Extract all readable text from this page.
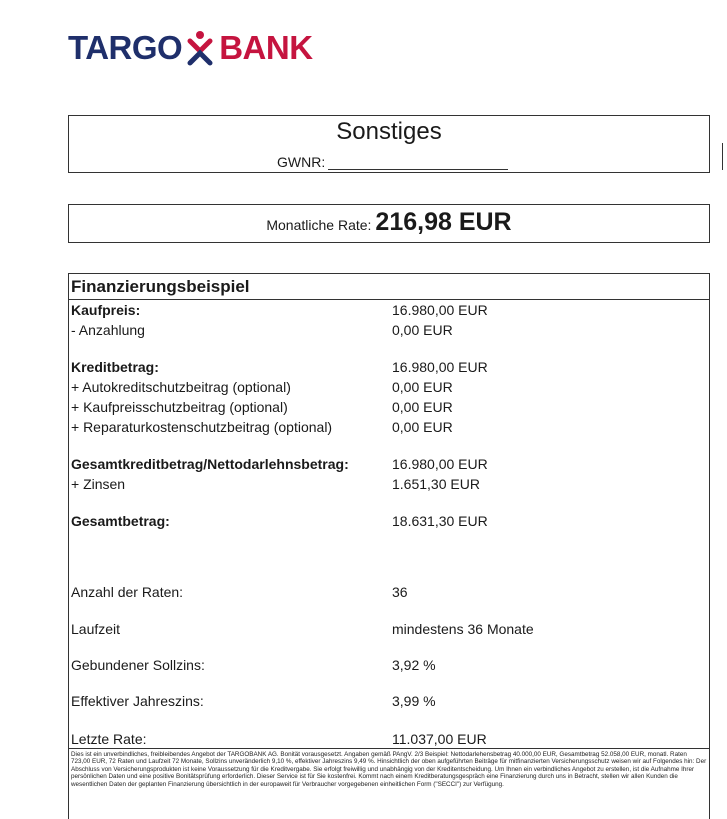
TARGO BANK
Sonstiges
GWNR:
Monatliche Rate: 216,98 EUR
Finanzierungsbeispiel
Kaufpreis:	16.980,00 EUR
- Anzahlung	0,00 EUR
Kreditbetrag:	16.980,00 EUR
+ Autokreditschutzbeitrag (optional)	0,00 EUR
+ Kaufpreisschutzbeitrag (optional)	0,00 EUR
+ Reparaturkostenschutzbeitrag (optional)	0,00 EUR
Gesamtkreditbetrag/Nettodarlehnsbetrag:	16.980,00 EUR
+ Zinsen	1.651,30 EUR
Gesamtbetrag:	18.631,30 EUR
Anzahl der Raten:	36
Laufzeit	mindestens 36 Monate
Gebundener Sollzins:	3,92 %
Effektiver Jahreszins:	3,99 %
Letzte Rate:	11.037,00 EUR
Dies ist ein unverbindliches, freibleibendes Angebot der TARGOBANK AG. Bonität vorausgesetzt. Angaben gemäß PAngV. 2/3 Beispiel: Nettodarlehensbetrag 40.000,00 EUR, Gesamtbetrag 52.058,00 EUR, monatl. Raten 723,00 EUR, 72 Raten und Laufzeit 72 Monate, Sollzins unveränderlich 9,10 %, effektiver Jahreszins 9,49 %. Hinsichtlich der oben aufgeführten Beiträge für mitfinanzierten Versicherungsschutz weisen wir auf Folgendes hin: Der Abschluss von Versicherungsprodukten ist keine Voraussetzung für die Kreditvergabe. Sie erfolgt freiwillig und unabhängig von der Kreditentscheidung. Um Ihnen ein verbindliches Angebot zu erstellen, ist die Aufnahme Ihrer persönlichen Daten und eine positive Bonitätsprüfung erforderlich. Dieser Service ist für Sie kostenfrei. Kommt nach einem Kreditberatungsgespräch eine Finanzierung durch uns in Betracht, stellen wir allen Kunden die wesentlichen Daten der geplanten Finanzierung übersichtlich in der europaweit für Verbraucher vorgegebenen einheitlichen Form ("SECCI") zur Verfügung.
